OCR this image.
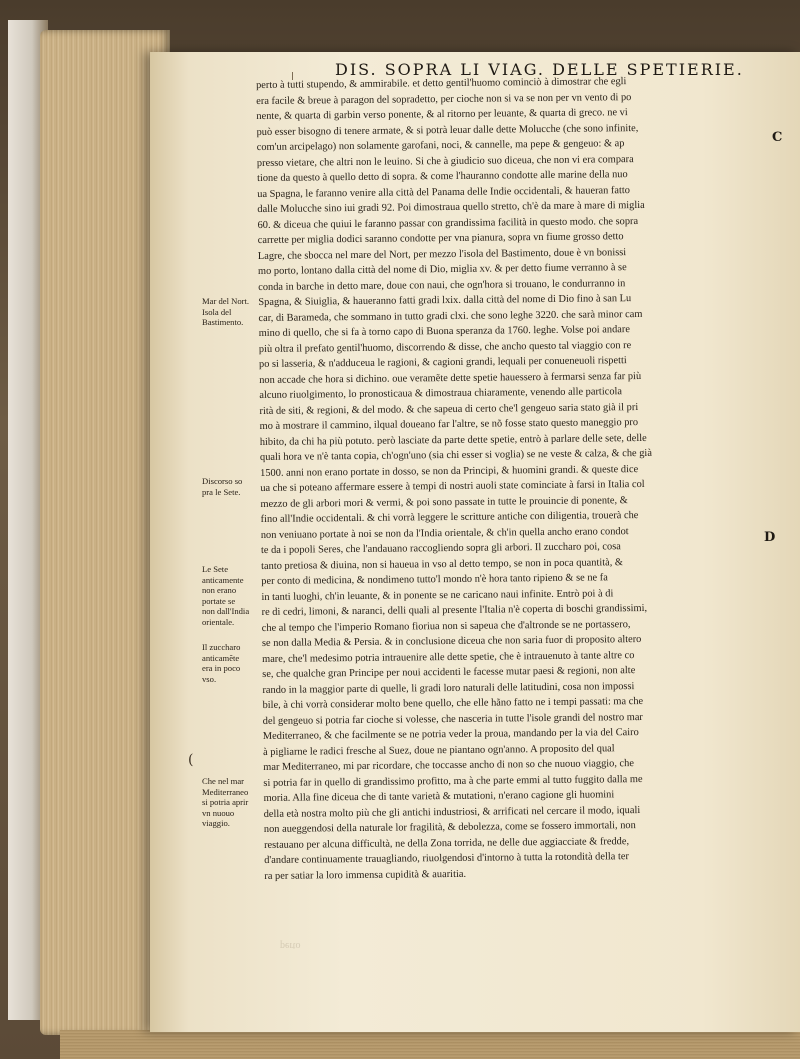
DIS. SOPRA LI VIAG. DELLE SPETIERIE.
Mar del Nort. Isola del Bastimento.
Discorso so pra le Sete.
Le Sete anticamente non erano portate se non dall'India orientale.
Il zuccharo anticamẽte era in poco vso.
Che nel mar Mediterraneo si potria aprir vn nuouo viaggio.
(
C
D
perto à tutti stupendo, & ammirabile. et detto gentil'huomo cominciò à dimostrar che egli
era facile & breue à paragon del sopradetto, per cioche non si va se non per vn vento di po
nente, & quarta di garbin verso ponente, & al ritorno per leuante, & quarta di greco. ne vi
può esser bisogno di tenere armate, & si potrà leuar dalle dette Molucche (che sono infinite,
com'un arcipelago) non solamente garofani, noci, & cannelle, ma pepe & gengeuo: & ap
presso vietare, che altri non le leuino. Si che à giudicio suo diceua, che non vi era compara
tione da questo à quello detto di sopra. & come l'hauranno condotte alle marine della nuo
ua Spagna, le faranno venire alla città del Panama delle Indie occidentali, & haueran fatto
dalle Molucche sino iui gradi 92. Poi dimostraua quello stretto, ch'è da mare à mare di miglia
60. & diceua che quiui le faranno passar con grandissima facilità in questo modo. che sopra
carrette per miglia dodici saranno condotte per vna pianura, sopra vn fiume grosso detto
Lagre, che sbocca nel mare del Nort, per mezzo l'isola del Bastimento, doue è vn bonissi
mo porto, lontano dalla città del nome di Dio, miglia xv. & per detto fiume verranno à se
conda in barche in detto mare, doue con naui, che ogn'hora si trouano, le condurranno in
Spagna, & Siuiglia, & haueranno fatti gradi lxix. dalla città del nome di Dio fino à san Lu
car, di Barameda, che sommano in tutto gradi clxi. che sono leghe 3220. che sarà minor cam
mino di quello, che si fa à torno capo di Buona speranza da 1760. leghe. Volse poi andare
più oltra il prefato gentil'huomo, discorrendo & disse, che ancho questo tal viaggio con re
po si lasseria, & n'adduceua le ragioni, & cagioni grandi, lequali per conueneuoli rispetti
non accade che hora si dichino. oue veramẽte dette spetie hauessero à fermarsi senza far più
alcuno riuolgimento, lo pronosticaua & dimostraua chiaramente, venendo alle particola
rità de siti, & regioni, & del modo. & che sapeua di certo che'l gengeuo saria stato già il pri
mo à mostrare il cammino, ilqual doueano far l'altre, se nõ fosse stato questo maneggio pro
hibito, da chi ha più potuto. però lasciate da parte dette spetie, entrò à parlare delle sete, delle
quali hora ve n'è tanta copia, ch'ogn'uno (sia chi esser si voglia) se ne veste & calza, & che già
1500. anni non erano portate in dosso, se non da Principi, & huomini grandi. & queste dice
ua che si poteano affermare essere à tempi di nostri auoli state cominciate à farsi in Italia col
mezzo de gli arbori mori & vermi, & poi sono passate in tutte le prouincie di ponente, &
fino all'Indie occidentali. & chi vorrà leggere le scritture antiche con diligentia, trouerà che
non veniuano portate à noi se non da l'India orientale, & ch'in quella ancho erano condot
te da i popoli Seres, che l'andauano raccogliendo sopra gli arbori. Il zuccharo poi, cosa
tanto pretiosa & diuina, non si haueua in vso al detto tempo, se non in poca quantità, &
per conto di medicina, & nondimeno tutto'l mondo n'è hora tanto ripieno & se ne fa
in tanti luoghi, ch'in leuante, & in ponente se ne caricano naui infinite. Entrò poi à di
re di cedri, limoni, & naranci, delli quali al presente l'Italia n'è coperta di boschi grandissimi,
che al tempo che l'imperio Romano fioriua non si sapeua che d'altronde se ne portassero,
se non dalla Media & Persia. & in conclusione diceua che non saria fuor di proposito altero
mare, che'l medesimo potria intrauenire alle dette spetie, che è intrauenuto à tante altre co
se, che qualche gran Principe per noui accidenti le facesse mutar paesi & regioni, non alte
rando in la maggior parte di quelle, li gradi loro naturali delle latitudini, cosa non impossi
bile, à chi vorrà considerar molto bene quello, che elle hãno fatto ne i tempi passati: ma che
del gengeuo si potria far cioche si volesse, che nasceria in tutte l'isole grandi del nostro mar
Mediterraneo, & che facilmente se ne potria veder la proua, mandando per la via del Cairo
à pigliarne le radici fresche al Suez, doue ne piantano ogn'anno. A proposito del qual
mar Mediterraneo, mi par ricordare, che toccasse ancho di non so che nuouo viaggio, che
si potria far in quello di grandissimo profitto, ma à che parte emmi al tutto fuggito dalla me
moria. Alla fine diceua che di tante varietà & mutationi, n'erano cagione gli huomini
della età nostra molto più che gli antichi industriosi, & arrificati nel cercare il modo, iquali
non aueggendosi della naturale lor fragilità, & debolezza, come se fossero immortali, non
restauano per alcuna difficultà, ne della Zona torrida, ne delle due aggiacciate & fredde,
d'andare continuamente trauagliando, riuolgendosi d'intorno à tutta la rotondità della ter
ra per satiar la loro immensa cupidità & auaritia.
perto
